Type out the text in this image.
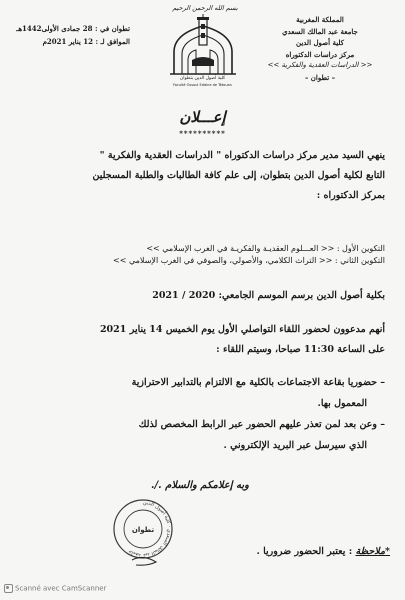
بسم الله الرحمن الرحيم
المملكة المغربية
جامعة عبد المالك السعدي
كلية أصول الدين
مركز دراسات الدكتوراه
<< الدراسات العقدية والفكرية >>
– تطوان –
تطوان في : 28 جمادى الأولى1442هـ
الموافق لـ : 12 يناير 2021م
كلية أصول الدين بتطوان
Faculté Ossoul Eddine de Tétouan
إعـــلان
**********

ينهي السيد مدير مركز دراسات الدكتوراه " الدراسات العقدية والفكرية "

التابع لكلية أصول الدين بتطوان، إلى علم كافة الطالبات والطلبة المسجلين

بمركز الدكتوراه :

التكوين الأول : << العـــلوم العقديـة والفكريـة في الغرب الإسلامي >>

التكوين الثاني : << التراث الكلامي، والأصولي، والصوفي في الغرب الإسلامي >>

بكلية أصول الدين برسم الموسم الجامعي: 2020 / 2021

أنهم مدعوون لحضور اللقاء التواصلي الأول يوم الخميس 14 يناير 2021

على الساعة 11:30 صباحا، وسيتم اللقاء :

– حضوريا بقاعة الاجتماعات بالكلية مع الالتزام بالتدابير الاحترازية

المعمول بها.

– وعن بعد لمن تعذر عليهم الحضور عبر الرابط المخصص لذلك

الذي سيرسل عبر البريد الإلكتروني .

وبه إعلامكم والسلام ./.
جامعة عبد المالك السعدي · كلية أصول الدين
تطوان
*ملاحظة : يعتبر الحضور ضروريا .
Scanné avec CamScanner
